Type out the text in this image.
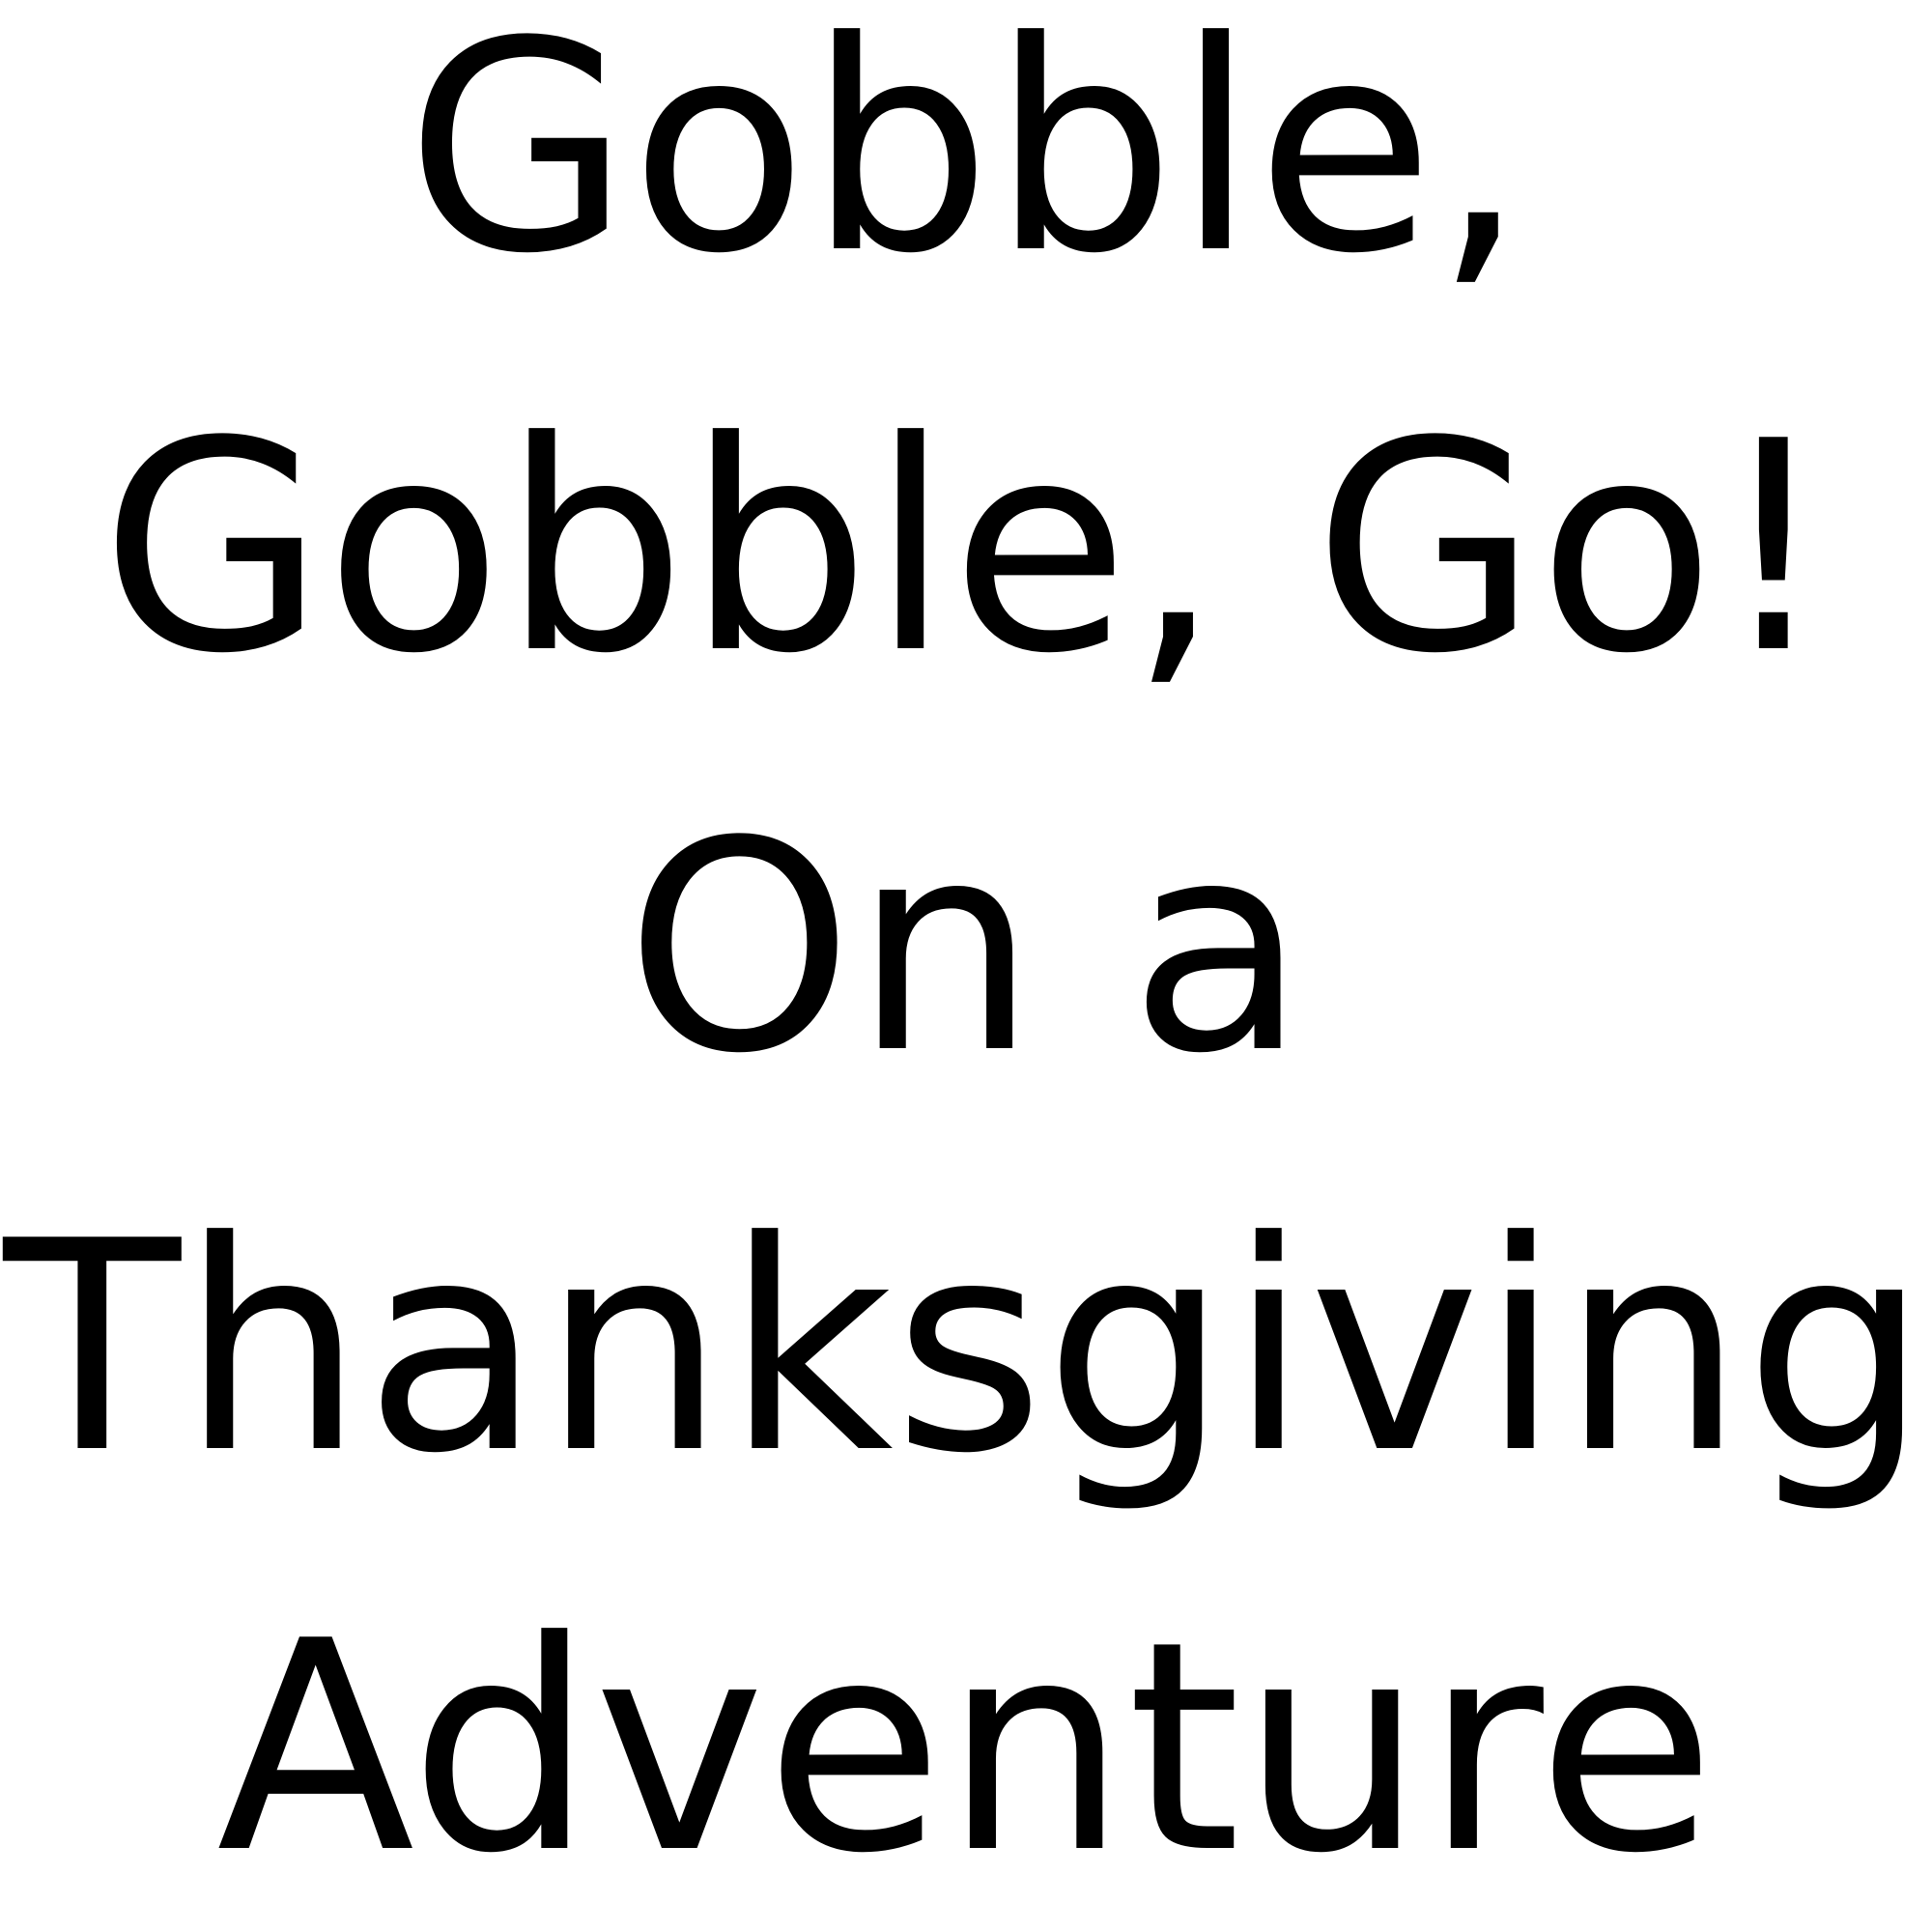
Gobble,
Gobble, Go!
On a
Thanksgiving
Adventure
